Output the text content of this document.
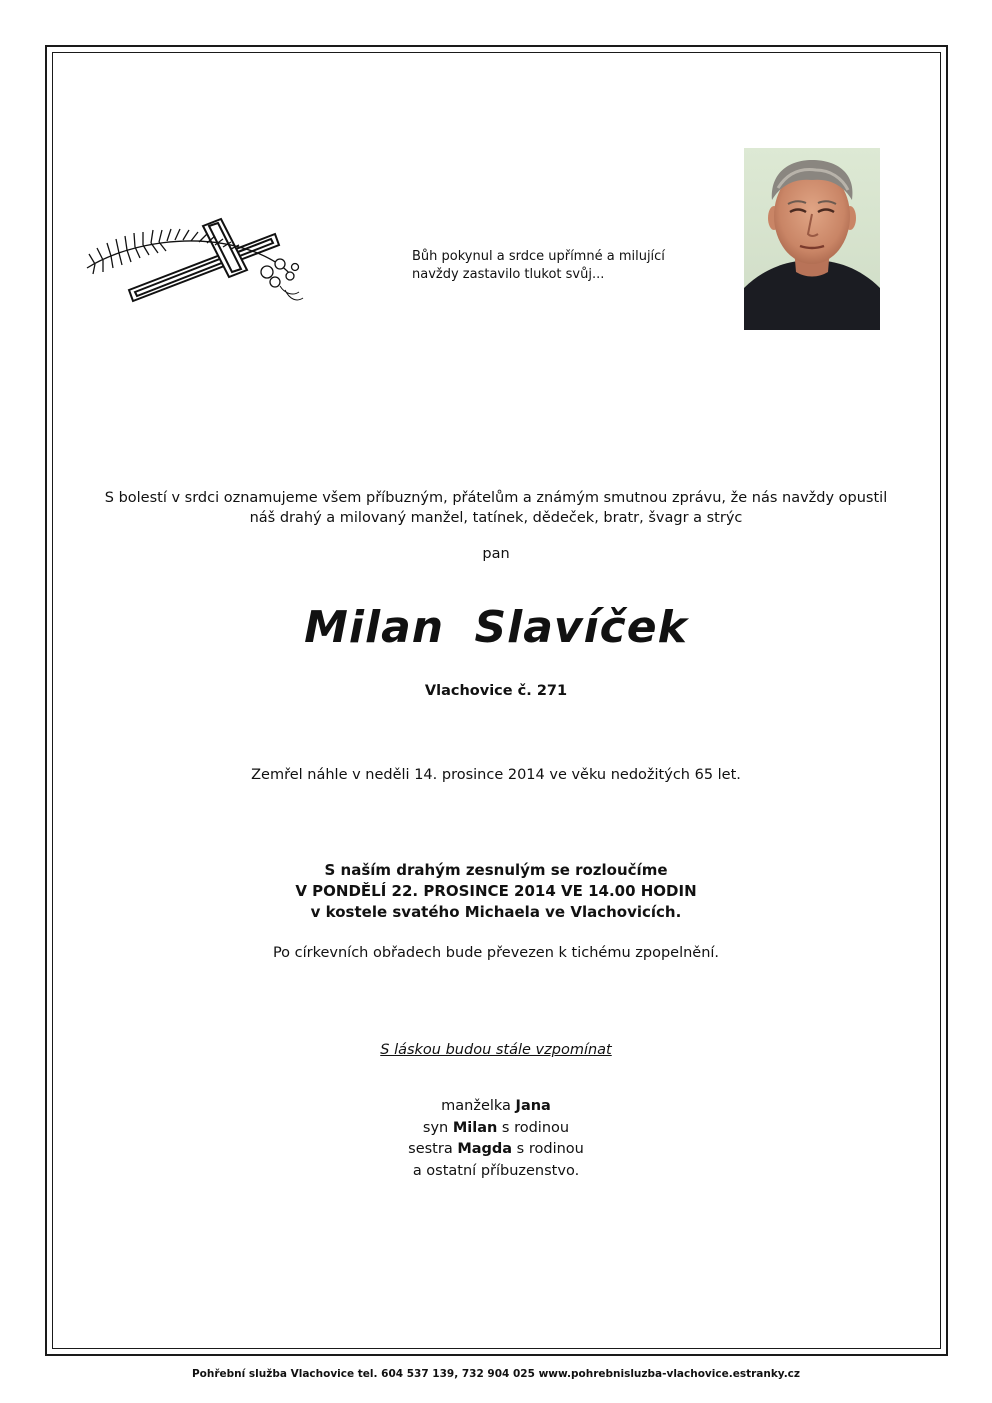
Bůh pokynul a srdce upřímné a milující
navždy zastavilo tlukot svůj...
S bolestí v srdci oznamujeme všem příbuzným, přátelům a známým smutnou zprávu, že nás navždy opustil
náš drahý a milovaný manžel, tatínek, dědeček, bratr, švagr a strýc
pan
Milan Slavíček
Vlachovice č. 271
Zemřel náhle v neděli 14. prosince 2014 ve věku nedožitých 65 let.
S naším drahým zesnulým se rozloučíme
V PONDĚLÍ 22. PROSINCE 2014 VE 14.00 HODIN
v kostele svatého Michaela ve Vlachovicích.
Po církevních obřadech bude převezen k tichému zpopelnění.
S láskou budou stále vzpomínat
manželka Jana
syn Milan s rodinou
sestra Magda s rodinou
a ostatní příbuzenstvo.
Pohřební služba Vlachovice tel. 604 537 139, 732 904 025 www.pohrebnisluzba-vlachovice.estranky.cz
